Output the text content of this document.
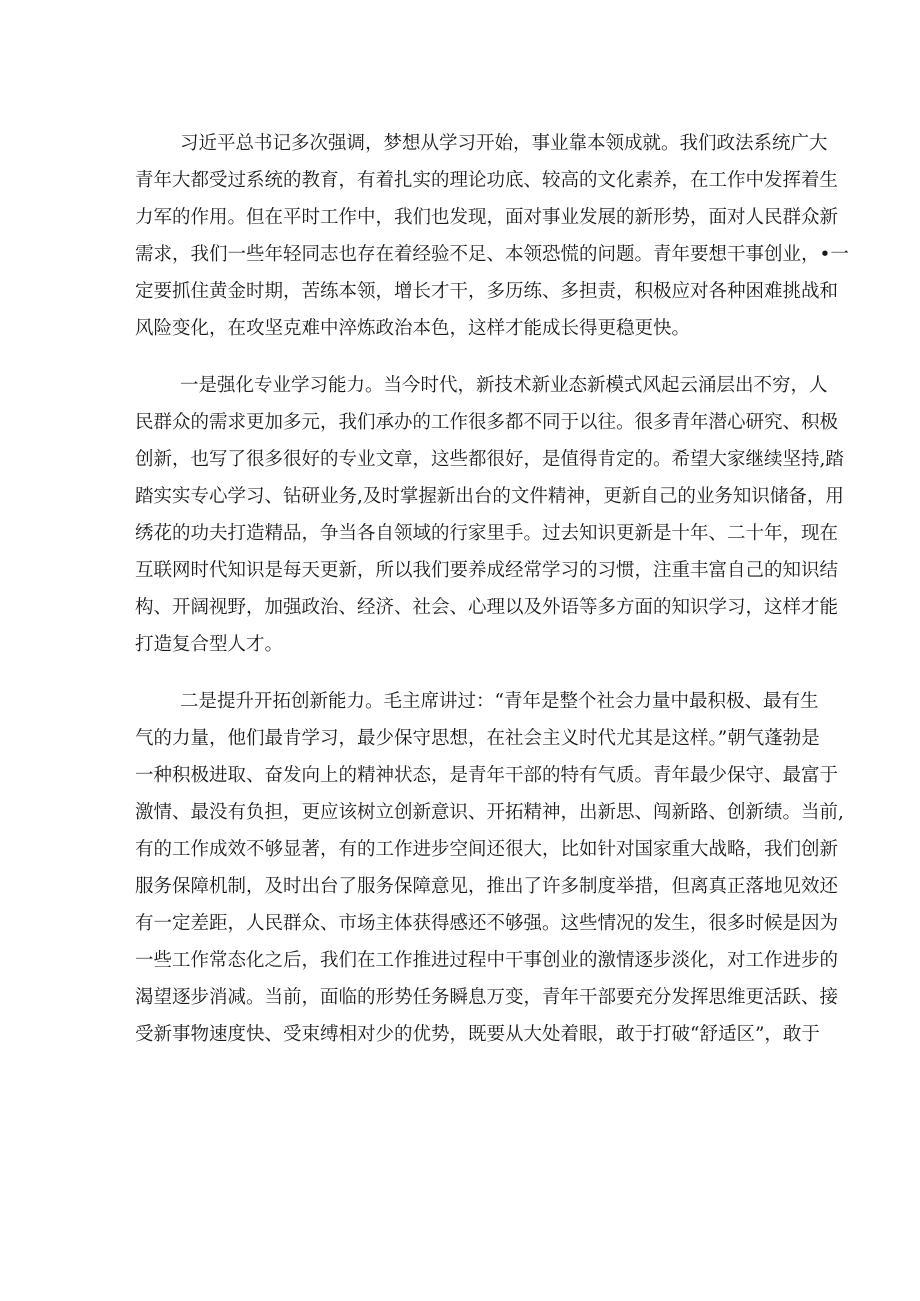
习近平总书记多次强调，梦想从学习开始，事业靠本领成就。我们政法系统广大
青年大都受过系统的教育，有着扎实的理论功底、较高的文化素养，在工作中发挥着生
力军的作用。但在平时工作中，我们也发现，面对事业发展的新形势，面对人民群众新
需求，我们一些年轻同志也存在着经验不足、本领恐慌的问题。青年要想干事创业，•一
定要抓住黄金时期，苦练本领，增长才干，多历练、多担责，积极应对各种困难挑战和
风险变化，在攻坚克难中淬炼政治本色，这样才能成长得更稳更快。
一是强化专业学习能力。当今时代，新技术新业态新模式风起云涌层出不穷，人
民群众的需求更加多元，我们承办的工作很多都不同于以往。很多青年潜心研究、积极
创新，也写了很多很好的专业文章，这些都很好，是值得肯定的。希望大家继续坚持,踏
踏实实专心学习、钻研业务,及时掌握新出台的文件精神，更新自己的业务知识储备，用
绣花的功夫打造精品，争当各自领域的行家里手。过去知识更新是十年、二十年，现在
互联网时代知识是每天更新，所以我们要养成经常学习的习惯，注重丰富自己的知识结
构、开阔视野，加强政治、经济、社会、心理以及外语等多方面的知识学习，这样才能
打造复合型人才。
二是提升开拓创新能力。毛主席讲过：“青年是整个社会力量中最积极、最有生
气的力量，他们最肯学习，最少保守思想，在社会主义时代尤其是这样。”朝气蓬勃是
一种积极进取、奋发向上的精神状态，是青年干部的特有气质。青年最少保守、最富于
激情、最没有负担，更应该树立创新意识、开拓精神，出新思、闯新路、创新绩。当前,
有的工作成效不够显著，有的工作进步空间还很大，比如针对国家重大战略，我们创新
服务保障机制，及时出台了服务保障意见，推出了许多制度举措，但离真正落地见效还
有一定差距，人民群众、市场主体获得感还不够强。这些情况的发生，很多时候是因为
一些工作常态化之后，我们在工作推进过程中干事创业的激情逐步淡化，对工作进步的
渴望逐步消减。当前，面临的形势任务瞬息万变，青年干部要充分发挥思维更活跃、接
受新事物速度快、受束缚相对少的优势，既要从大处着眼，敢于打破“舒适区”，敢于
